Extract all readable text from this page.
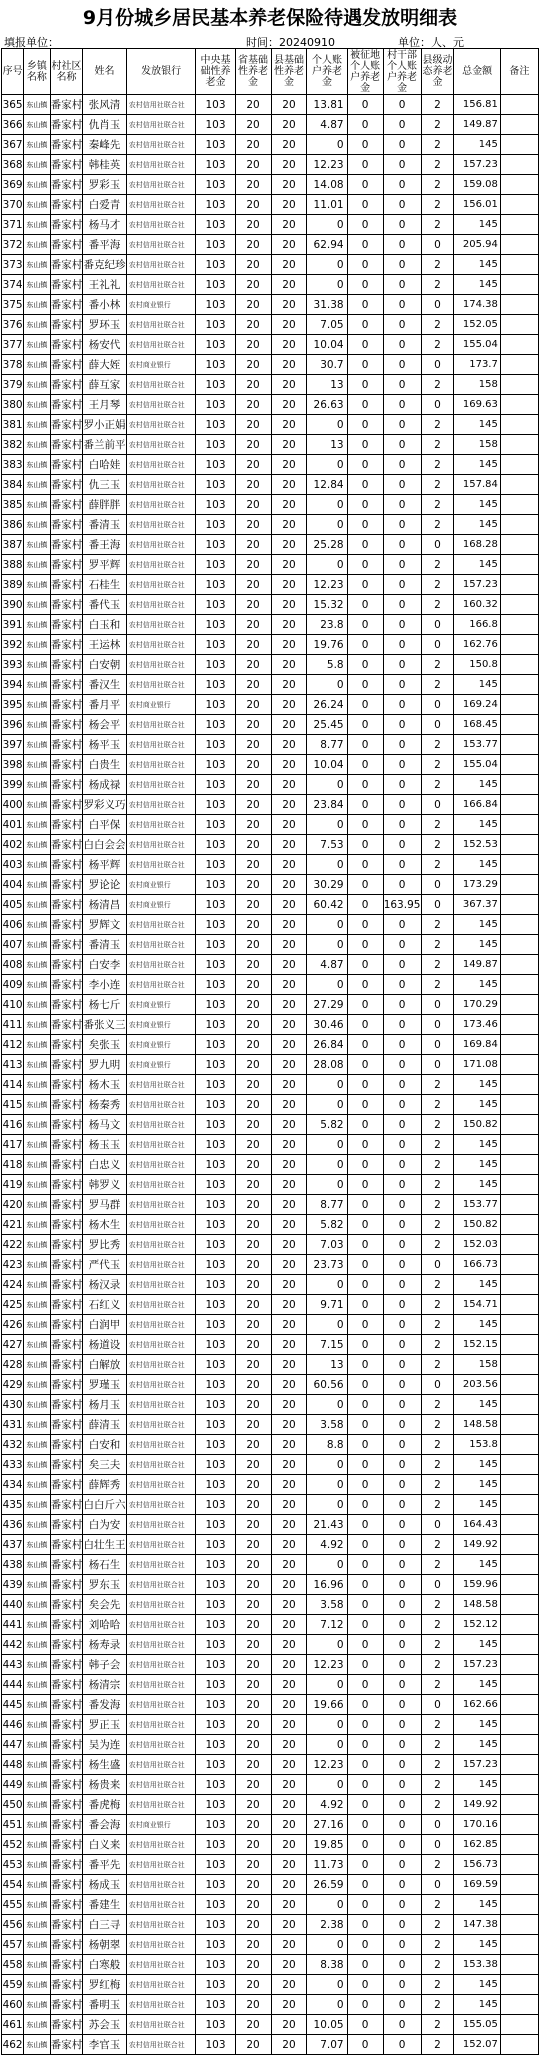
9月份城乡居民基本养老保险待遇发放明细表
填报单位：	时间：20240910	单位：人、元
序号	乡镇名称	村社区名称	姓名	发放银行	中央基础性养老金	省基础性养老金	县基础性养老金	个人账户养老金	被征地个人账户养老金	村干部个人账户养老金	县级动态养老金	总金额	备注
365	东山镇	番家村	张风清	农村信用社联合社	103	20	20	13.81	0	0	2	156.81	
366	东山镇	番家村	仇肖玉	农村信用社联合社	103	20	20	4.87	0	0	2	149.87	
367	东山镇	番家村	秦峰先	农村信用社联合社	103	20	20	0	0	0	2	145	
368	东山镇	番家村	韩桂英	农村信用社联合社	103	20	20	12.23	0	0	2	157.23	
369	东山镇	番家村	罗彩玉	农村信用社联合社	103	20	20	14.08	0	0	2	159.08	
370	东山镇	番家村	白爱青	农村信用社联合社	103	20	20	11.01	0	0	2	156.01	
371	东山镇	番家村	杨马才	农村信用社联合社	103	20	20	0	0	0	2	145	
372	东山镇	番家村	番平海	农村信用社联合社	103	20	20	62.94	0	0	0	205.94	
373	东山镇	番家村	番克纪珍	农村信用社联合社	103	20	20	0	0	0	2	145	
374	东山镇	番家村	王礼礼	农村信用社联合社	103	20	20	0	0	0	2	145	
375	东山镇	番家村	番小林	农村商业银行	103	20	20	31.38	0	0	0	174.38	
376	东山镇	番家村	罗环玉	农村信用社联合社	103	20	20	7.05	0	0	2	152.05	
377	东山镇	番家村	杨安代	农村信用社联合社	103	20	20	10.04	0	0	2	155.04	
378	东山镇	番家村	薛大姪	农村商业银行	103	20	20	30.7	0	0	0	173.7	
379	东山镇	番家村	薛互家	农村信用社联合社	103	20	20	13	0	0	2	158	
380	东山镇	番家村	王月琴	农村信用社联合社	103	20	20	26.63	0	0	0	169.63	
381	东山镇	番家村	罗小正娟	农村信用社联合社	103	20	20	0	0	0	2	145	
382	东山镇	番家村	番兰前平	农村信用社联合社	103	20	20	13	0	0	2	158	
383	东山镇	番家村	白哈娃	农村信用社联合社	103	20	20	0	0	0	2	145	
384	东山镇	番家村	仇三玉	农村信用社联合社	103	20	20	12.84	0	0	2	157.84	
385	东山镇	番家村	薛胖胖	农村信用社联合社	103	20	20	0	0	0	2	145	
386	东山镇	番家村	番清玉	农村信用社联合社	103	20	20	0	0	0	2	145	
387	东山镇	番家村	番王海	农村信用社联合社	103	20	20	25.28	0	0	0	168.28	
388	东山镇	番家村	罗平辉	农村信用社联合社	103	20	20	0	0	0	2	145	
389	东山镇	番家村	石桂生	农村信用社联合社	103	20	20	12.23	0	0	2	157.23	
390	东山镇	番家村	番代玉	农村信用社联合社	103	20	20	15.32	0	0	2	160.32	
391	东山镇	番家村	白玉和	农村信用社联合社	103	20	20	23.8	0	0	0	166.8	
392	东山镇	番家村	王运林	农村信用社联合社	103	20	20	19.76	0	0	0	162.76	
393	东山镇	番家村	白安朝	农村信用社联合社	103	20	20	5.8	0	0	2	150.8	
394	东山镇	番家村	番汉生	农村信用社联合社	103	20	20	0	0	0	2	145	
395	东山镇	番家村	番月平	农村商业银行	103	20	20	26.24	0	0	0	169.24	
396	东山镇	番家村	杨会平	农村信用社联合社	103	20	20	25.45	0	0	0	168.45	
397	东山镇	番家村	杨平玉	农村信用社联合社	103	20	20	8.77	0	0	2	153.77	
398	东山镇	番家村	白贵生	农村信用社联合社	103	20	20	10.04	0	0	2	155.04	
399	东山镇	番家村	杨成禄	农村信用社联合社	103	20	20	0	0	0	2	145	
400	东山镇	番家村	罗彩义巧	农村信用社联合社	103	20	20	23.84	0	0	0	166.84	
401	东山镇	番家村	白平保	农村信用社联合社	103	20	20	0	0	0	2	145	
402	东山镇	番家村	白白会会	农村信用社联合社	103	20	20	7.53	0	0	2	152.53	
403	东山镇	番家村	杨平辉	农村信用社联合社	103	20	20	0	0	0	2	145	
404	东山镇	番家村	罗论论	农村商业银行	103	20	20	30.29	0	0	0	173.29	
405	东山镇	番家村	杨清昌	农村商业银行	103	20	20	60.42	0	163.95	0	367.37	
406	东山镇	番家村	罗辉文	农村信用社联合社	103	20	20	0	0	0	2	145	
407	东山镇	番家村	番清玉	农村信用社联合社	103	20	20	0	0	0	2	145	
408	东山镇	番家村	白安李	农村信用社联合社	103	20	20	4.87	0	0	2	149.87	
409	东山镇	番家村	李小连	农村信用社联合社	103	20	20	0	0	0	2	145	
410	东山镇	番家村	杨七斤	农村商业银行	103	20	20	27.29	0	0	0	170.29	
411	东山镇	番家村	番张义三	农村商业银行	103	20	20	30.46	0	0	0	173.46	
412	东山镇	番家村	矣张玉	农村商业银行	103	20	20	26.84	0	0	0	169.84	
413	东山镇	番家村	罗九明	农村商业银行	103	20	20	28.08	0	0	0	171.08	
414	东山镇	番家村	杨木玉	农村信用社联合社	103	20	20	0	0	0	2	145	
415	东山镇	番家村	杨秦秀	农村信用社联合社	103	20	20	0	0	0	2	145	
416	东山镇	番家村	杨马文	农村信用社联合社	103	20	20	5.82	0	0	2	150.82	
417	东山镇	番家村	杨玉玉	农村信用社联合社	103	20	20	0	0	0	2	145	
418	东山镇	番家村	白忠义	农村信用社联合社	103	20	20	0	0	0	2	145	
419	东山镇	番家村	韩罗义	农村信用社联合社	103	20	20	0	0	0	2	145	
420	东山镇	番家村	罗马群	农村信用社联合社	103	20	20	8.77	0	0	2	153.77	
421	东山镇	番家村	杨木生	农村信用社联合社	103	20	20	5.82	0	0	2	150.82	
422	东山镇	番家村	罗比秀	农村信用社联合社	103	20	20	7.03	0	0	2	152.03	
423	东山镇	番家村	严代玉	农村信用社联合社	103	20	20	23.73	0	0	0	166.73	
424	东山镇	番家村	杨汉录	农村信用社联合社	103	20	20	0	0	0	2	145	
425	东山镇	番家村	石红义	农村信用社联合社	103	20	20	9.71	0	0	2	154.71	
426	东山镇	番家村	白润甲	农村信用社联合社	103	20	20	0	0	0	2	145	
427	东山镇	番家村	杨道设	农村信用社联合社	103	20	20	7.15	0	0	2	152.15	
428	东山镇	番家村	白解放	农村信用社联合社	103	20	20	13	0	0	2	158	
429	东山镇	番家村	罗瑾玉	农村信用社联合社	103	20	20	60.56	0	0	0	203.56	
430	东山镇	番家村	杨月玉	农村信用社联合社	103	20	20	0	0	0	2	145	
431	东山镇	番家村	薛清玉	农村信用社联合社	103	20	20	3.58	0	0	2	148.58	
432	东山镇	番家村	白安和	农村信用社联合社	103	20	20	8.8	0	0	2	153.8	
433	东山镇	番家村	矣三夫	农村信用社联合社	103	20	20	0	0	0	2	145	
434	东山镇	番家村	薛辉秀	农村信用社联合社	103	20	20	0	0	0	2	145	
435	东山镇	番家村	白白斤六	农村信用社联合社	103	20	20	0	0	0	2	145	
436	东山镇	番家村	白为安	农村信用社联合社	103	20	20	21.43	0	0	0	164.43	
437	东山镇	番家村	白壮生王	农村信用社联合社	103	20	20	4.92	0	0	2	149.92	
438	东山镇	番家村	杨石生	农村信用社联合社	103	20	20	0	0	0	2	145	
439	东山镇	番家村	罗东玉	农村信用社联合社	103	20	20	16.96	0	0	0	159.96	
440	东山镇	番家村	矣会先	农村信用社联合社	103	20	20	3.58	0	0	2	148.58	
441	东山镇	番家村	刘哈哈	农村信用社联合社	103	20	20	7.12	0	0	2	152.12	
442	东山镇	番家村	杨寿录	农村信用社联合社	103	20	20	0	0	0	2	145	
443	东山镇	番家村	韩子会	农村信用社联合社	103	20	20	12.23	0	0	2	157.23	
444	东山镇	番家村	杨清宗	农村信用社联合社	103	20	20	0	0	0	2	145	
445	东山镇	番家村	番发海	农村信用社联合社	103	20	20	19.66	0	0	0	162.66	
446	东山镇	番家村	罗正玉	农村信用社联合社	103	20	20	0	0	0	2	145	
447	东山镇	番家村	吴为连	农村信用社联合社	103	20	20	0	0	0	2	145	
448	东山镇	番家村	杨生盛	农村信用社联合社	103	20	20	12.23	0	0	2	157.23	
449	东山镇	番家村	杨贵来	农村信用社联合社	103	20	20	0	0	0	2	145	
450	东山镇	番家村	番虎梅	农村信用社联合社	103	20	20	4.92	0	0	2	149.92	
451	东山镇	番家村	番会海	农村商业银行	103	20	20	27.16	0	0	0	170.16	
452	东山镇	番家村	白义来	农村信用社联合社	103	20	20	19.85	0	0	0	162.85	
453	东山镇	番家村	番平先	农村信用社联合社	103	20	20	11.73	0	0	2	156.73	
454	东山镇	番家村	杨成玉	农村信用社联合社	103	20	20	26.59	0	0	0	169.59	
455	东山镇	番家村	番建生	农村信用社联合社	103	20	20	0	0	0	2	145	
456	东山镇	番家村	白三寻	农村信用社联合社	103	20	20	2.38	0	0	2	147.38	
457	东山镇	番家村	杨朝翠	农村信用社联合社	103	20	20	0	0	0	2	145	
458	东山镇	番家村	白寒般	农村信用社联合社	103	20	20	8.38	0	0	2	153.38	
459	东山镇	番家村	罗红梅	农村信用社联合社	103	20	20	0	0	0	2	145	
460	东山镇	番家村	番明玉	农村信用社联合社	103	20	20	0	0	0	2	145	
461	东山镇	番家村	苏会玉	农村信用社联合社	103	20	20	10.05	0	0	2	155.05	
462	东山镇	番家村	李官玉	农村信用社联合社	103	20	20	7.07	0	0	2	152.07	
